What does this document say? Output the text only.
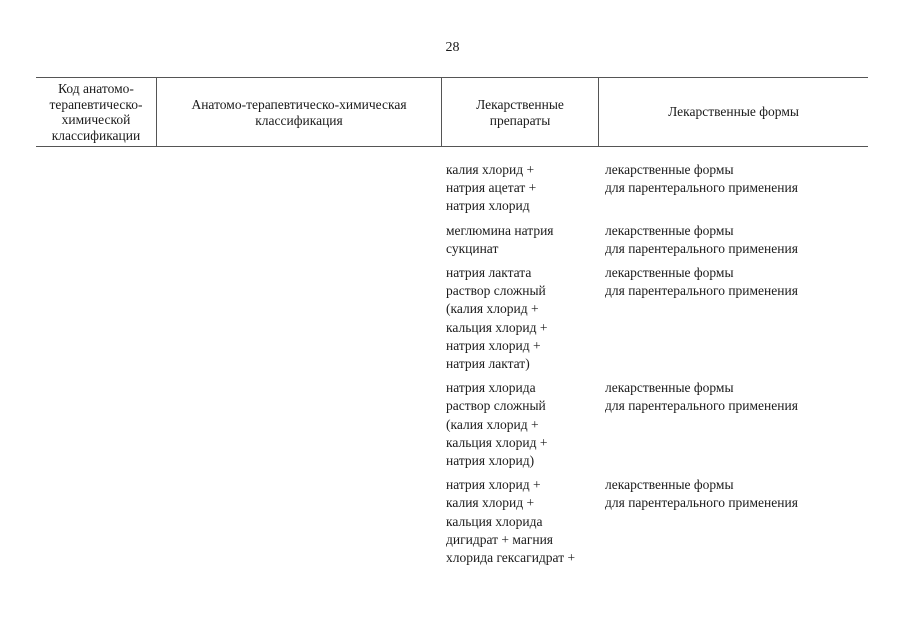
28
Код анатомо-
терапевтическо-
химической
классификации
Анатомо-терапевтическо-химическая
классификация
Лекарственные
препараты
Лекарственные формы
калия хлорид +
натрия ацетат +
натрия хлорид
лекарственные формы
для парентерального применения
меглюмина натрия
сукцинат
лекарственные формы
для парентерального применения
натрия лактата
раствор сложный
(калия хлорид +
кальция хлорид +
натрия хлорид +
натрия лактат)
лекарственные формы
для парентерального применения
натрия хлорида
раствор сложный
(калия хлорид +
кальция хлорид +
натрия хлорид)
лекарственные формы
для парентерального применения
натрия хлорид +
калия хлорид +
кальция хлорида
дигидрат + магния
хлорида гексагидрат +
лекарственные формы
для парентерального применения
